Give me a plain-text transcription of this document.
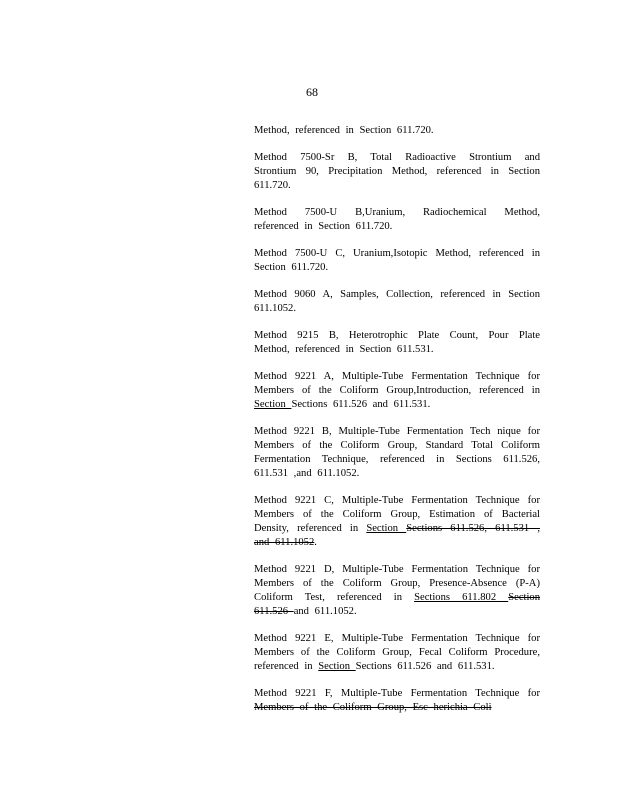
68

Method, referenced in Section 611.720.

Method 7500-Sr B, Total Radioactive Strontium and Strontium 90, Precipitation Method, referenced in Section 611.720.

Method 7500-U B,Uranium, Radiochemical Method, referenced in Section 611.720.

Method 7500-U C, Uranium,Isotopic Method, referenced in Section 611.720.

Method 9060 A, Samples, Collection, referenced in Section 611.1052.

Method 9215 B, Heterotrophic Plate Count, Pour Plate Method, referenced in Section 611.531.

Method 9221 A, Multiple-Tube Fermentation Technique for Members of the Coliform Group,Introduction, referenced in Section Sections 611.526 and 611.531.

Method 9221 B, Multiple-Tube Fermentation Tech nique for Members of the Coliform Group, Standard Total Coliform Fermentation Technique, referenced in Sections 611.526, 611.531 ,and 611.1052.

Method 9221 C, Multiple-Tube Fermentation Technique for Members of the Coliform Group, Estimation of Bacterial Density, referenced in Section Sections 611.526, 611.531 , and 611.1052.

Method 9221 D, Multiple-Tube Fermentation Technique for Members of the Coliform Group, Presence-Absence (P-A) Coliform Test, referenced in Sections 611.802 Section 611.526 and 611.1052.

Method 9221 E, Multiple-Tube Fermentation Technique for Members of the Coliform Group, Fecal Coliform Procedure, referenced in Section Sections 611.526 and 611.531.

Method 9221 F, Multiple-Tube Fermentation Technique for Members of the Coliform Group, Esc herichia Coli
